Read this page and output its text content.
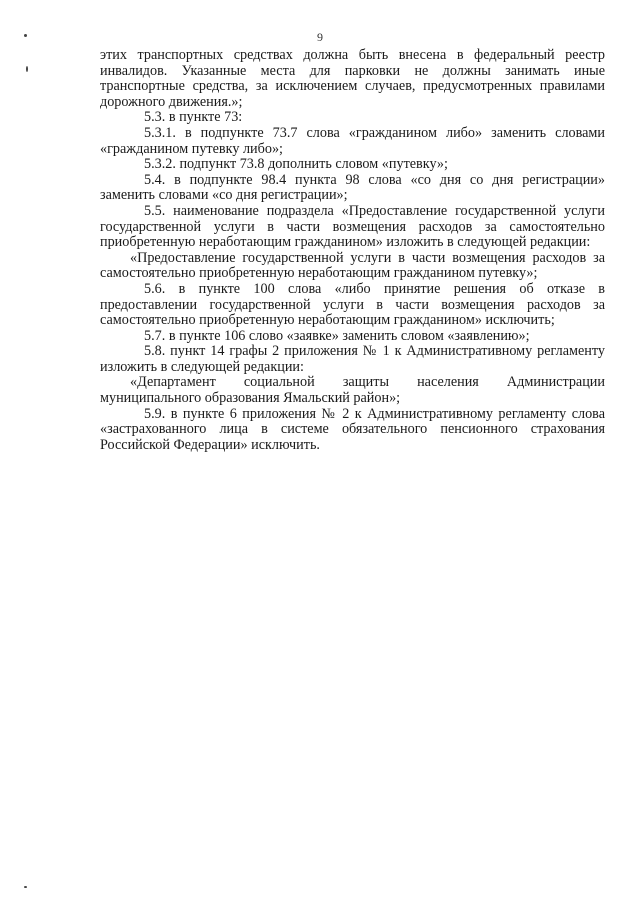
9

этих транспортных средствах должна быть внесена в федеральный реестр инвалидов. Указанные места для парковки не должны занимать иные транспортные средства, за исключением случаев, предусмотренных правилами дорожного движения.»;

5.3. в пункте 73:

5.3.1. в подпункте 73.7 слова «гражданином либо» заменить словами «гражданином путевку либо»;

5.3.2. подпункт 73.8 дополнить словом «путевку»;

5.4. в подпункте 98.4 пункта 98 слова «со дня со дня регистрации» заменить словами «со дня регистрации»;

5.5. наименование подраздела «Предоставление государственной услуги государственной услуги в части возмещения расходов за самостоятельно приобретенную неработающим гражданином» изложить в следующей редакции:

«Предоставление государственной услуги в части возмещения расходов за самостоятельно приобретенную неработающим гражданином путевку»;

5.6. в пункте 100 слова «либо принятие решения об отказе в предоставлении государственной услуги в части возмещения расходов за самостоятельно приобретенную неработающим гражданином» исключить;

5.7. в пункте 106 слово «заявке» заменить словом «заявлению»;

5.8. пункт 14 графы 2 приложения № 1 к Административному регламенту изложить в следующей редакции:

«Департамент социальной защиты населения Администрации муниципального образования Ямальский район»;

5.9. в пункте 6 приложения № 2 к Административному регламенту слова «застрахованного лица в системе обязательного пенсионного страхования Российской Федерации» исключить.
